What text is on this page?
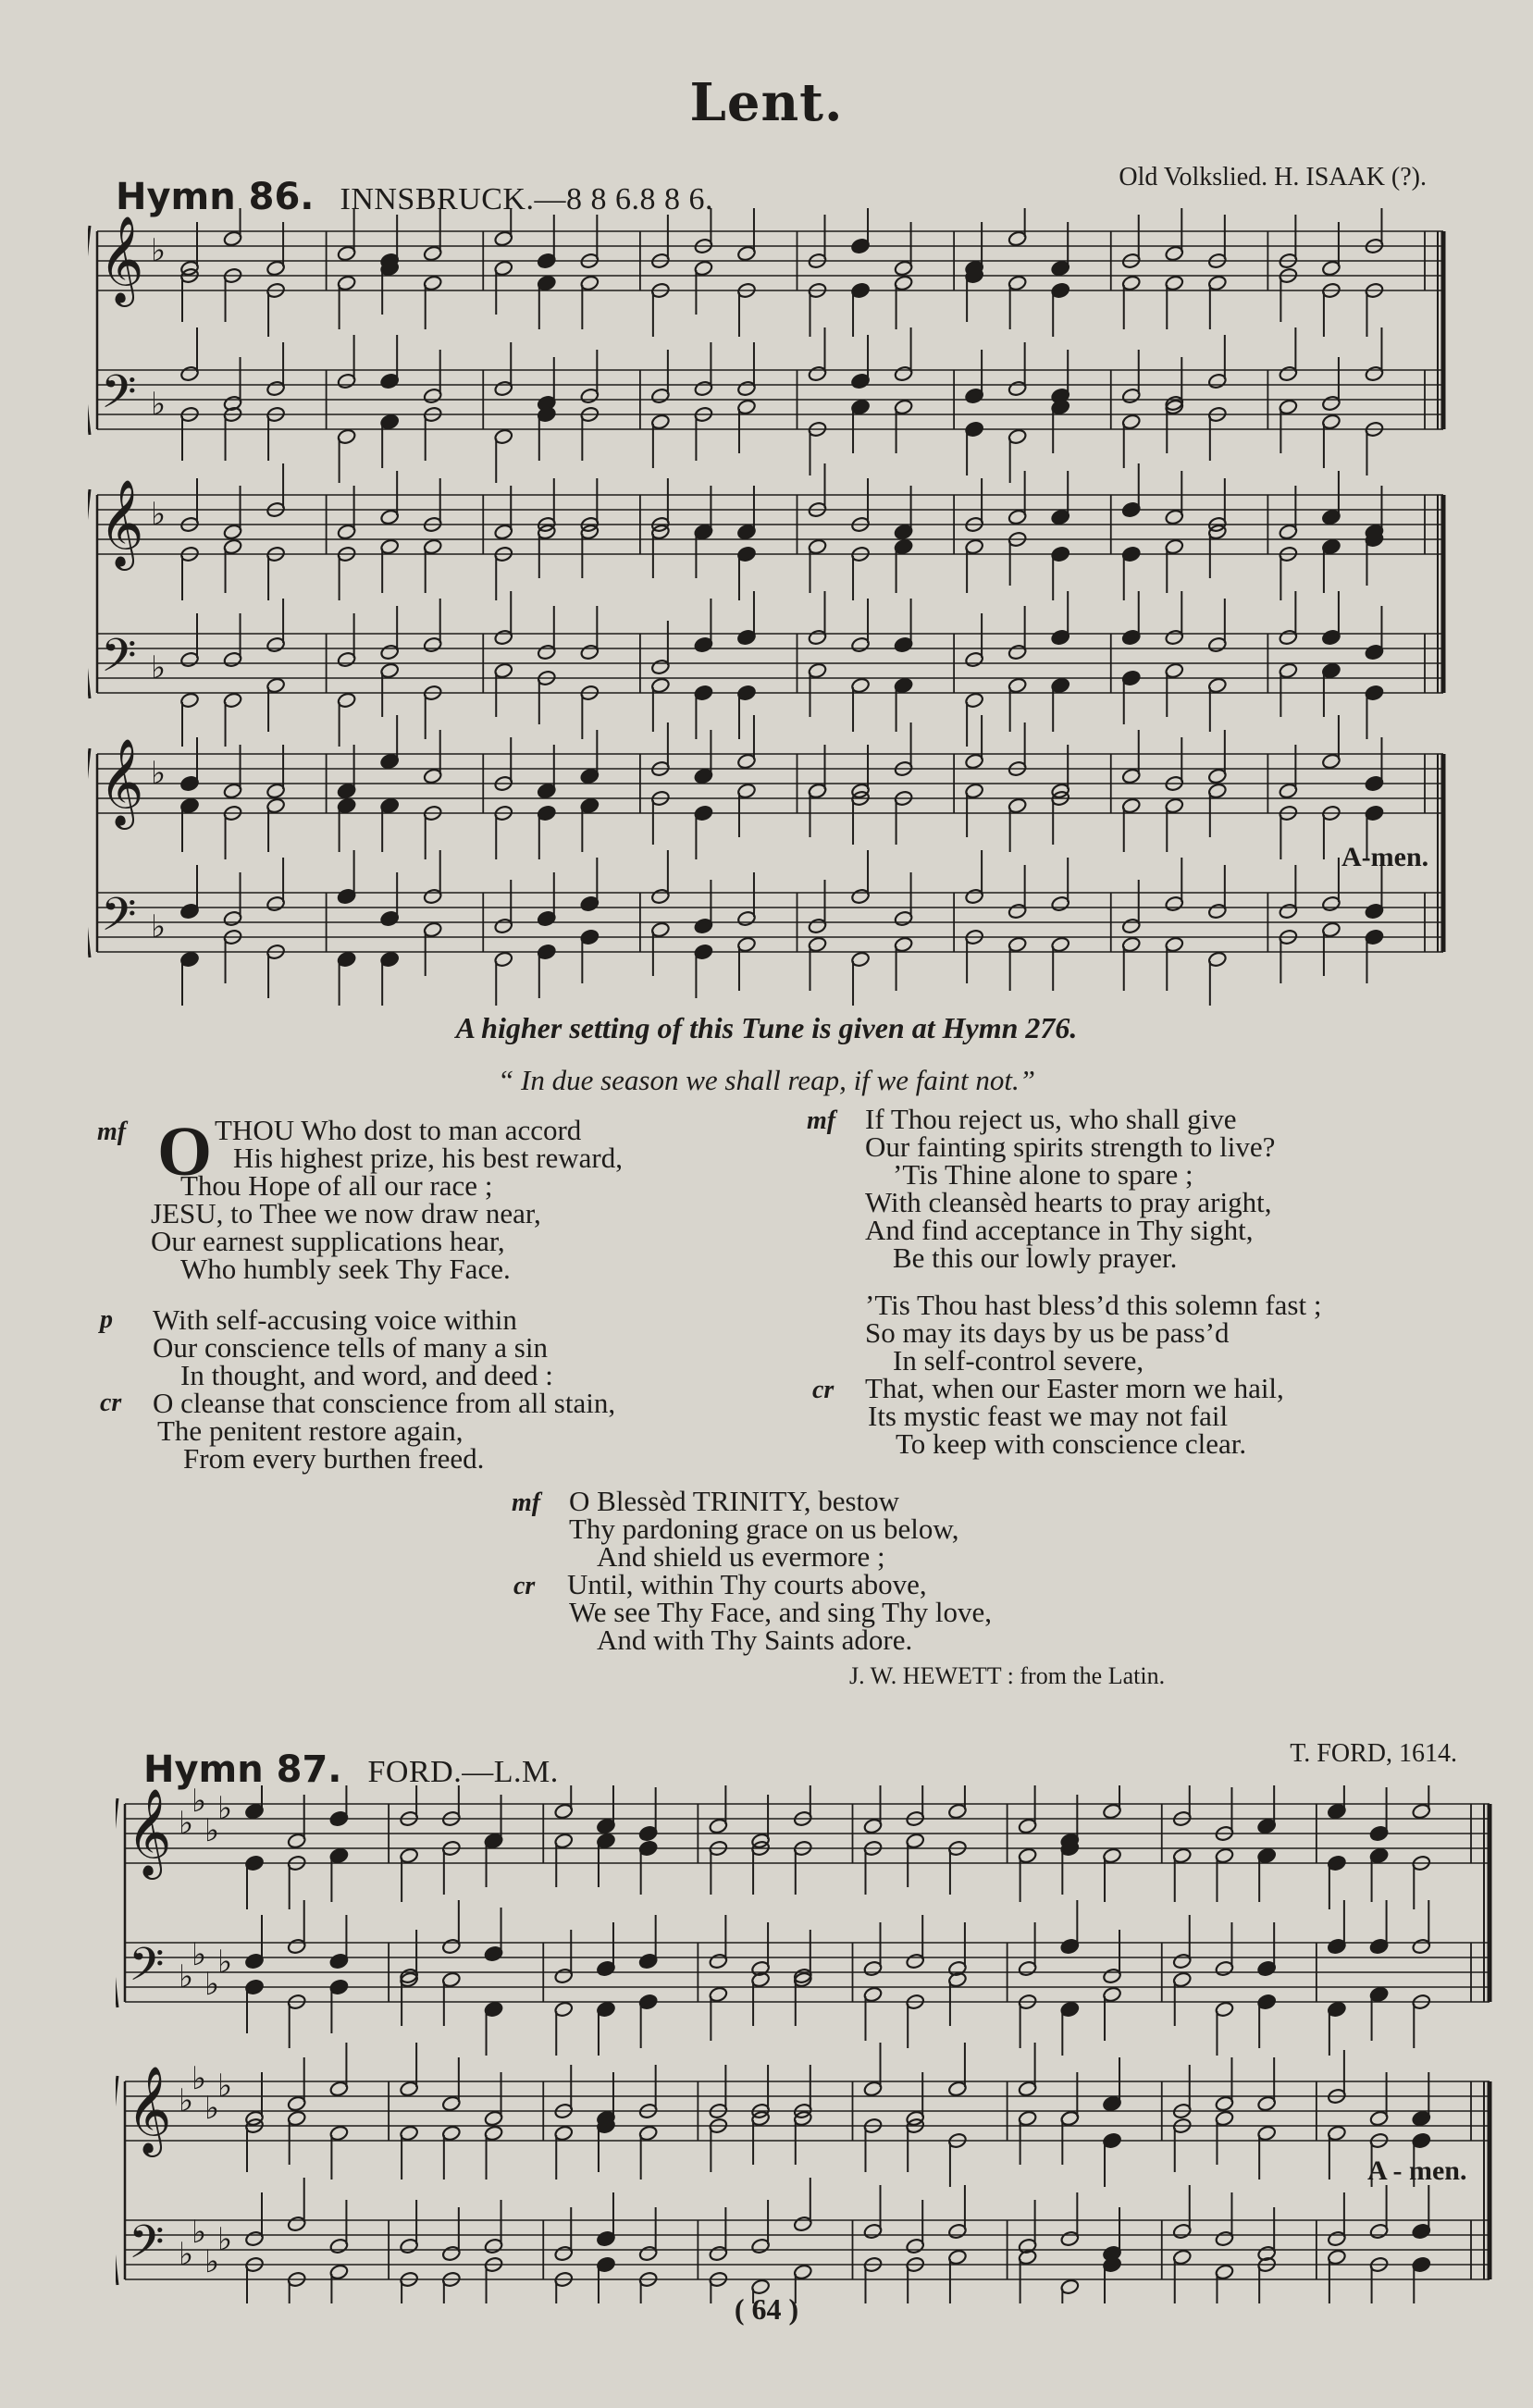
Lent.
Hymn 86. INNSBRUCK.—8 8 6.8 8 6.
Old Volkslied. H. ISAAK (?).
𝄞
𝄢
♭
♭
𝄞
𝄢
♭
♭
𝄞
𝄢
♭
♭
A-men.
A higher setting of this Tune is given at Hymn 276.
“ In due season we shall reap, if we faint not.”
mf O THOU Who dost to man accord
His highest prize, his best reward,
Thou Hope of all our race ;
JESU, to Thee we now draw near,
Our earnest supplications hear,
Who humbly seek Thy Face.
p
cr
With self-accusing voice within
Our conscience tells of many a sin
In thought, and word, and deed :
O cleanse that conscience from all stain,
The penitent restore again,
From every burthen freed.
mf If Thou reject us, who shall give
Our fainting spirits strength to live?
’Tis Thine alone to spare ;
With cleansèd hearts to pray aright,
And find acceptance in Thy sight,
Be this our lowly prayer.
cr
’Tis Thou hast bless’d this solemn fast ;
So may its days by us be pass’d
In self-control severe,
That, when our Easter morn we hail,
Its mystic feast we may not fail
To keep with conscience clear.
mf
cr
O Blessèd TRINITY, bestow
Thy pardoning grace on us below,
And shield us evermore ;
Until, within Thy courts above,
We see Thy Face, and sing Thy love,
And with Thy Saints adore.
J. W. HEWETT : from the Latin.
Hymn 87. FORD.—L.M.
T. FORD, 1614.
𝄞
𝄢
♭
♭
♭
♭
♭
♭
♭
♭
𝄞
𝄢
♭
♭
♭
♭
♭
♭
♭
♭
A - men.
( 64 )
